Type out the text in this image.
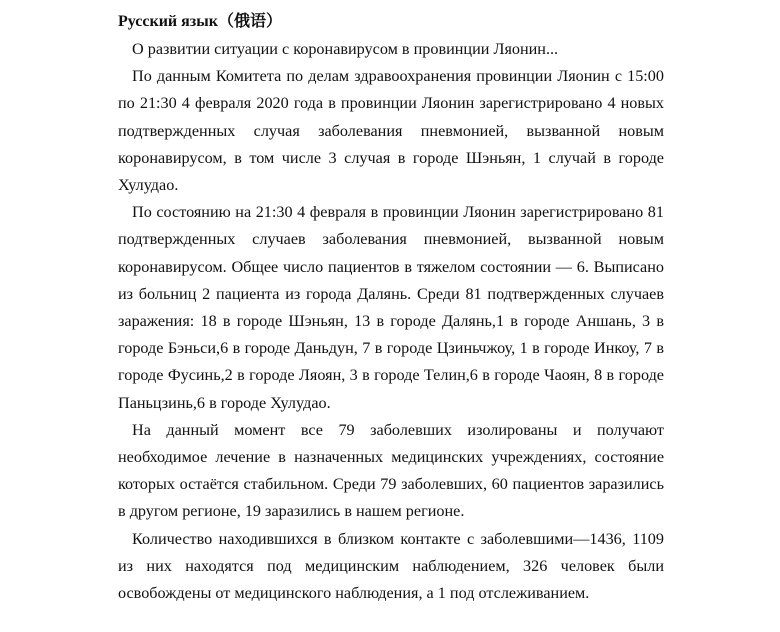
Русский язык（俄语）

О развитии ситуации с коронавирусом в провинции Ляонин...

По данным Комитета по делам здравоохранения провинции Ляонин с 15:00 по 21:30 4 февраля 2020 года в провинции Ляонин зарегистрировано 4 новых подтвержденных случая заболевания пневмонией, вызванной новым коронавирусом, в том числе 3 случая в городе Шэньян, 1 случай в городе Хулудао.

По состоянию на 21:30 4 февраля в провинции Ляонин зарегистрировано 81 подтвержденных случаев заболевания пневмонией, вызванной новым коронавирусом. Общее число пациентов в тяжелом состоянии — 6. Выписано из больниц 2 пациента из города Далянь. Среди 81 подтвержденных случаев заражения: 18 в городе Шэньян, 13 в городе Далянь,1 в городе Аншань, 3 в городе Бэньси,6 в городе Даньдун, 7 в городе Цзиньчжоу, 1 в городе Инкоу, 7 в городе Фусинь,2 в городе Ляоян, 3 в городе Телин,6 в городе Чаоян, 8 в городе Паньцзинь,6 в городе Хулудао.

На данный момент все 79 заболевших изолированы и получают необходимое лечение в назначенных медицинских учреждениях, состояние которых остаётся стабильном. Среди 79 заболевших, 60 пациентов заразились в другом регионе, 19 заразились в нашем регионе.

Количество находившихся в близком контакте с заболевшими—1436, 1109 из них находятся под медицинским наблюдением, 326 человек были освобождены от медицинского наблюдения, а 1 под отслеживанием.
